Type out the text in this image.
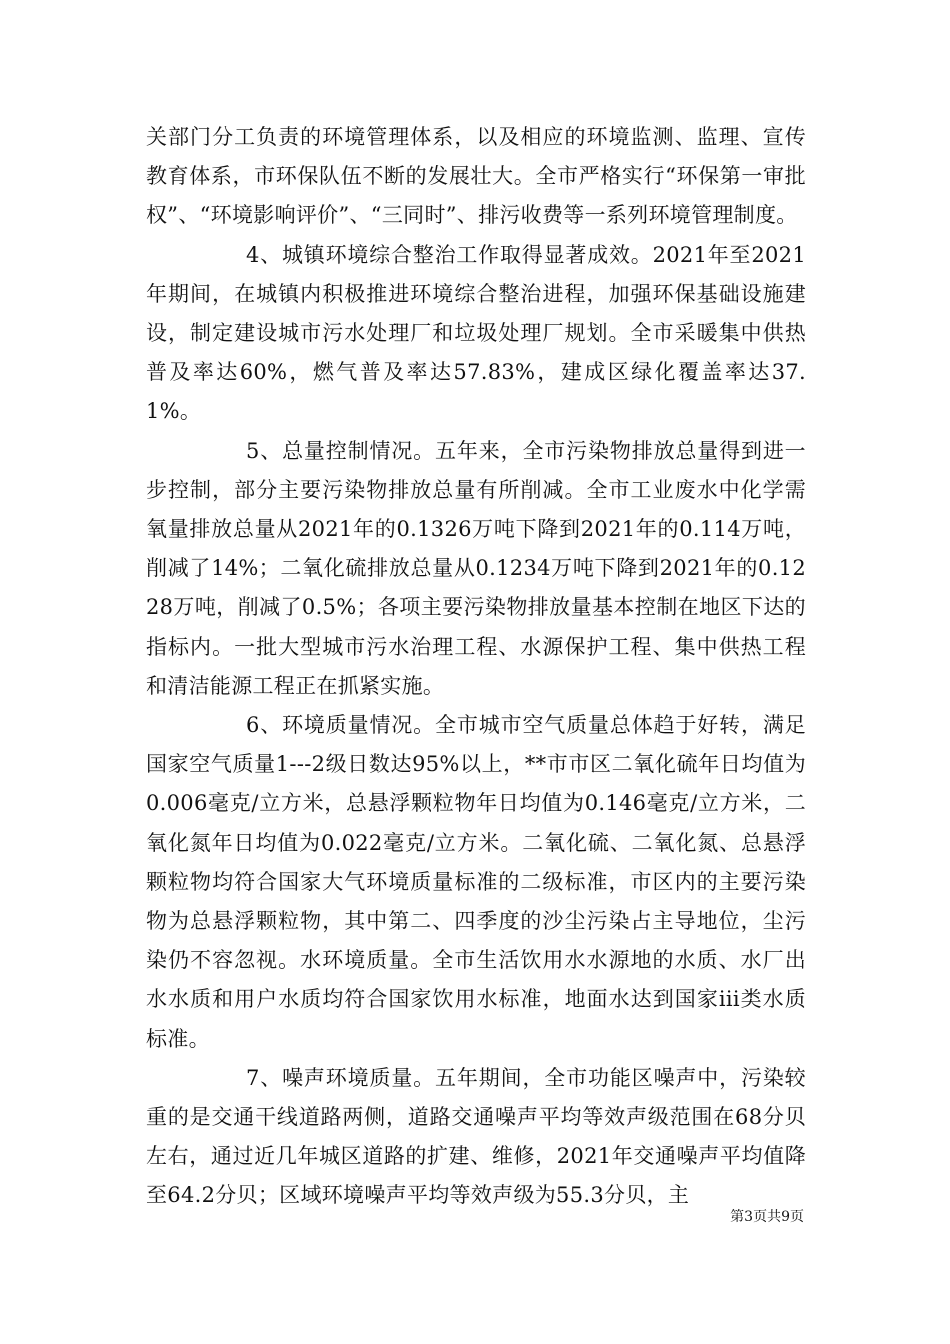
关部门分工负责的环境管理体系，以及相应的环境监测、监理、宣传教育体系，市环保队伍不断的发展壮大。全市严格实行“环保第一审批权”、“环境影响评价”、“三同时”、排污收费等一系列环境管理制度。

4、城镇环境综合整治工作取得显著成效。2021年至2021年期间，在城镇内积极推进环境综合整治进程，加强环保基础设施建设，制定建设城市污水处理厂和垃圾处理厂规划。全市采暖集中供热普及率达60%，燃气普及率达57.83%，建成区绿化覆盖率达37.1%。

5、总量控制情况。五年来，全市污染物排放总量得到进一步控制，部分主要污染物排放总量有所削减。全市工业废水中化学需氧量排放总量从2021年的0.1326万吨下降到2021年的0.114万吨，削减了14%；二氧化硫排放总量从0.1234万吨下降到2021年的0.1228万吨，削减了0.5%；各项主要污染物排放量基本控制在地区下达的指标内。一批大型城市污水治理工程、水源保护工程、集中供热工程和清洁能源工程正在抓紧实施。

6、环境质量情况。全市城市空气质量总体趋于好转，满足国家空气质量1---2级日数达95%以上，**市市区二氧化硫年日均值为0.006毫克/立方米，总悬浮颗粒物年日均值为0.146毫克/立方米，二氧化氮年日均值为0.022毫克/立方米。二氧化硫、二氧化氮、总悬浮颗粒物均符合国家大气环境质量标准的二级标准，市区内的主要污染物为总悬浮颗粒物，其中第二、四季度的沙尘污染占主导地位，尘污染仍不容忽视。水环境质量。全市生活饮用水水源地的水质、水厂出水水质和用户水质均符合国家饮用水标准，地面水达到国家iii类水质标准。

7、噪声环境质量。五年期间，全市功能区噪声中，污染较重的是交通干线道路两侧，道路交通噪声平均等效声级范围在68分贝左右，通过近几年城区道路的扩建、维修，2021年交通噪声平均值降至64.2分贝；区域环境噪声平均等效声级为55.3分贝，主

第3页共9页
